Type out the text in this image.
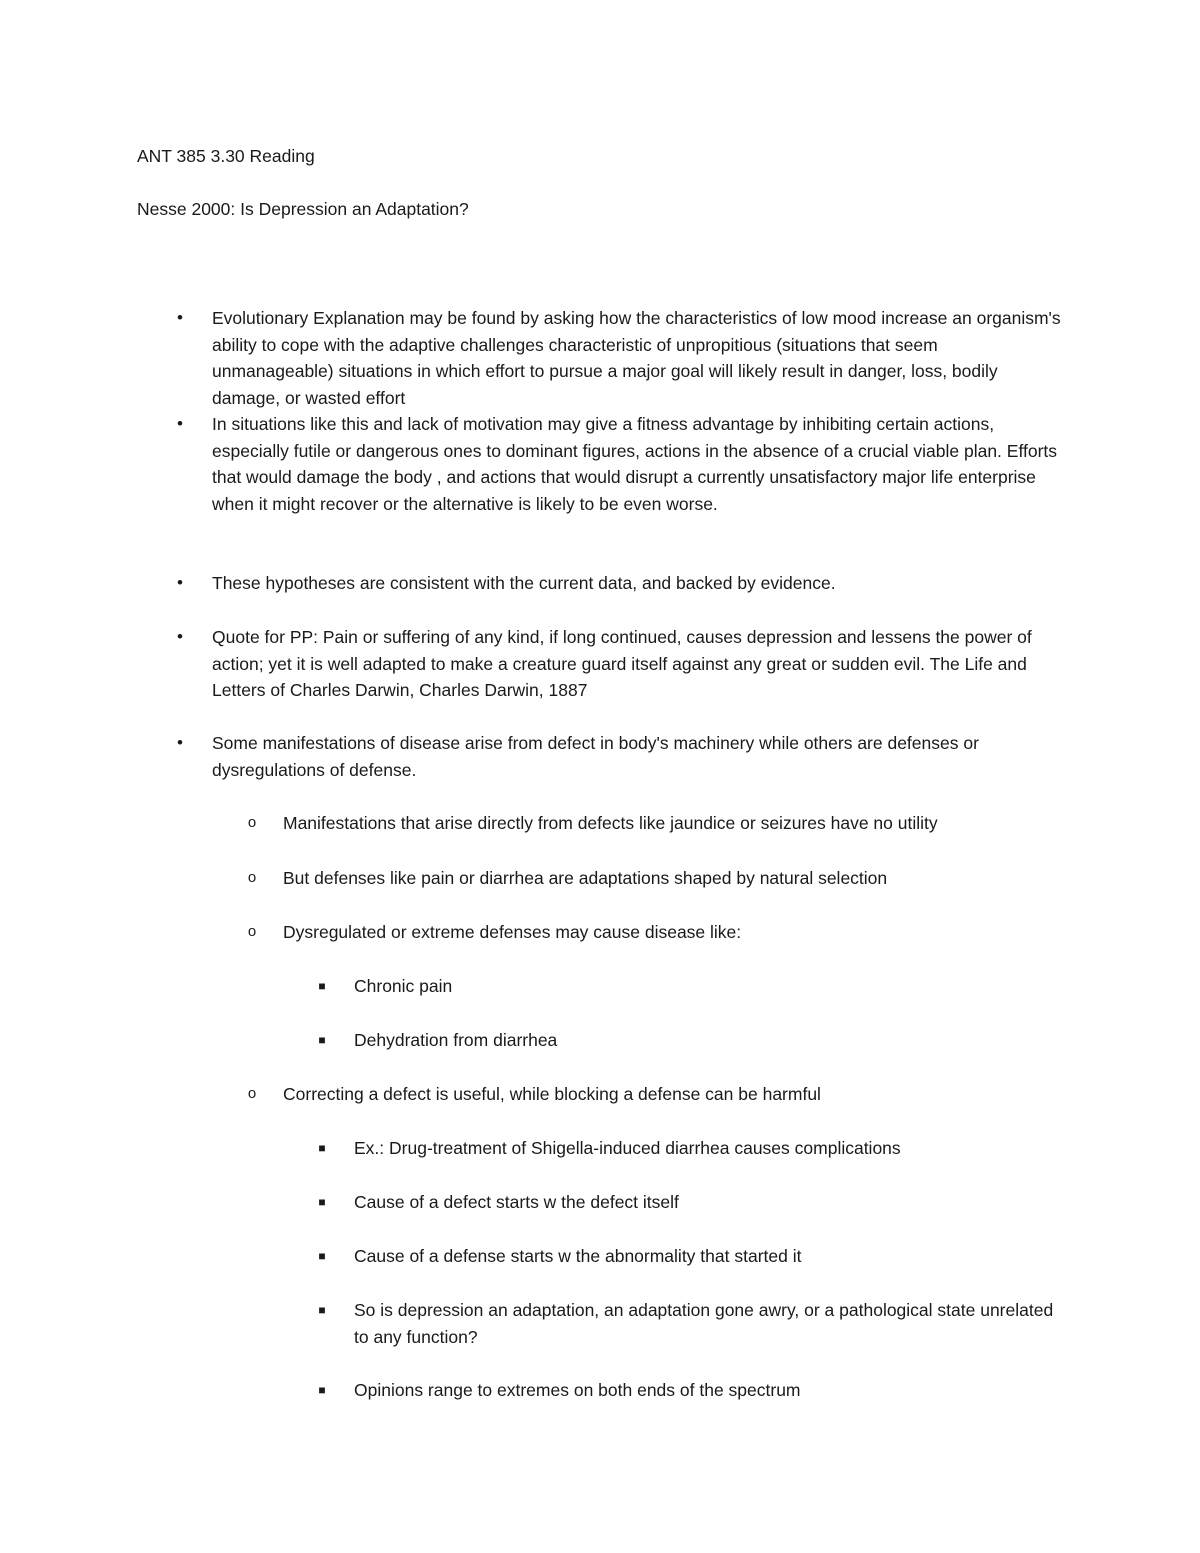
ANT 385 3.30 Reading
Nesse 2000: Is Depression an Adaptation?
•	Evolutionary Explanation may be found by asking how the characteristics of low mood increase an organism's ability to cope with the adaptive challenges characteristic of unpropitious (situations that seem unmanageable) situations in which effort to pursue a major goal will likely result in danger, loss, bodily damage, or wasted effort
•	In situations like this and lack of motivation may give a fitness advantage by inhibiting certain actions, especially futile or dangerous ones to dominant figures, actions in the absence of a crucial viable plan. Efforts that would damage the body , and actions that would disrupt a currently unsatisfactory major life enterprise when it might recover or the alternative is likely to be even worse.
•	These hypotheses are consistent with the current data, and backed by evidence.
•	Quote for PP: Pain or suffering of any kind, if long continued, causes depression and lessens the power of action; yet it is well adapted to make a creature guard itself against any great or sudden evil. The Life and Letters of Charles Darwin, Charles Darwin, 1887
•	Some manifestations of disease arise from defect in body's machinery while others are defenses or dysregulations of defense.
o	Manifestations that arise directly from defects like jaundice or seizures have no utility
o	But defenses like pain or diarrhea are adaptations shaped by natural selection
o	Dysregulated or extreme defenses may cause disease like:
■	Chronic pain
■	Dehydration from diarrhea
o	Correcting a defect is useful, while blocking a defense can be harmful
■	Ex.: Drug-treatment of Shigella-induced diarrhea causes complications
■	Cause of a defect starts w the defect itself
■	Cause of a defense starts w the abnormality that started it
■	So is depression an adaptation, an adaptation gone awry, or a pathological state unrelated to any function?
■	Opinions range to extremes on both ends of the spectrum
